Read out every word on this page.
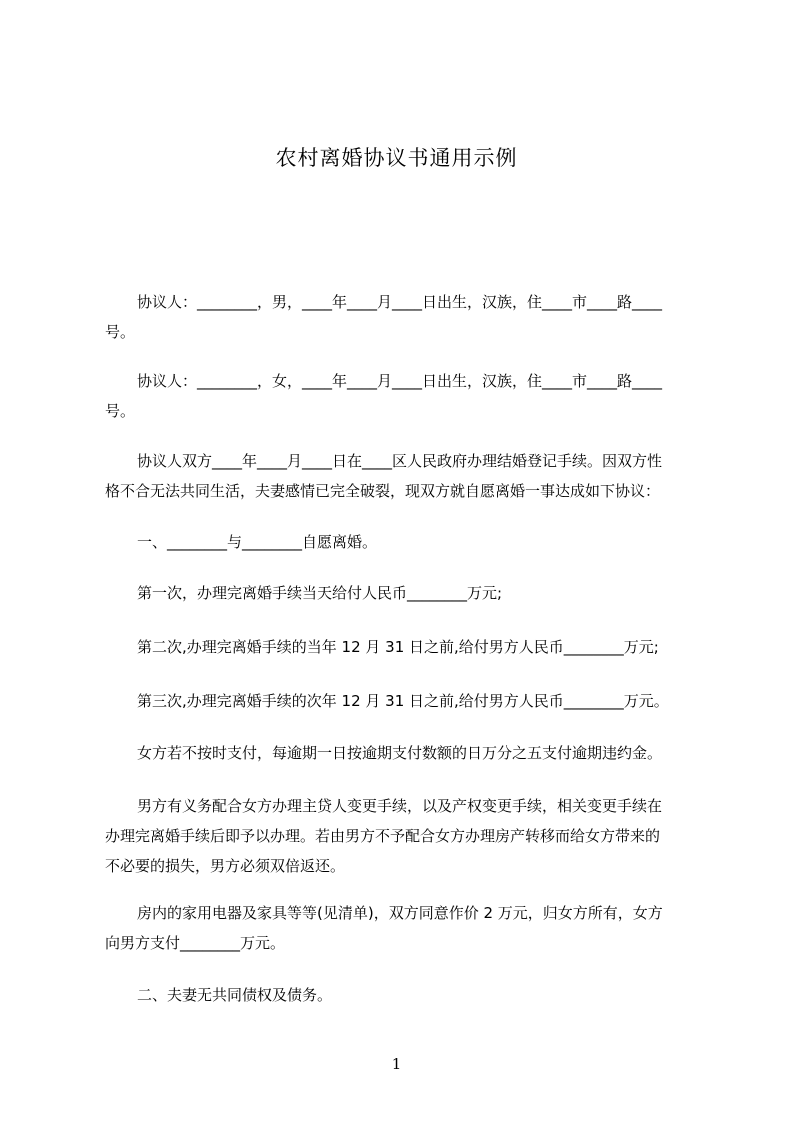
农村离婚协议书通用示例
协议人：________，男，____年____月____日出生，汉族，住____市____路____
号。
协议人：________，女，____年____月____日出生，汉族，住____市____路____
号。
协议人双方____年____月____日在____区人民政府办理结婚登记手续。因双方性
格不合无法共同生活，夫妻感情已完全破裂，现双方就自愿离婚一事达成如下协议：
一、________与________自愿离婚。
第一次，办理完离婚手续当天给付人民币________万元;
第二次,办理完离婚手续的当年 12 月 31 日之前,给付男方人民币________万元;
第三次,办理完离婚手续的次年 12 月 31 日之前,给付男方人民币________万元。
女方若不按时支付，每逾期一日按逾期支付数额的日万分之五支付逾期违约金。
男方有义务配合女方办理主贷人变更手续，以及产权变更手续，相关变更手续在
办理完离婚手续后即予以办理。若由男方不予配合女方办理房产转移而给女方带来的
不必要的损失，男方必须双倍返还。
房内的家用电器及家具等等(见清单)，双方同意作价 2 万元，归女方所有，女方
向男方支付________万元。
二、夫妻无共同债权及债务。
1
